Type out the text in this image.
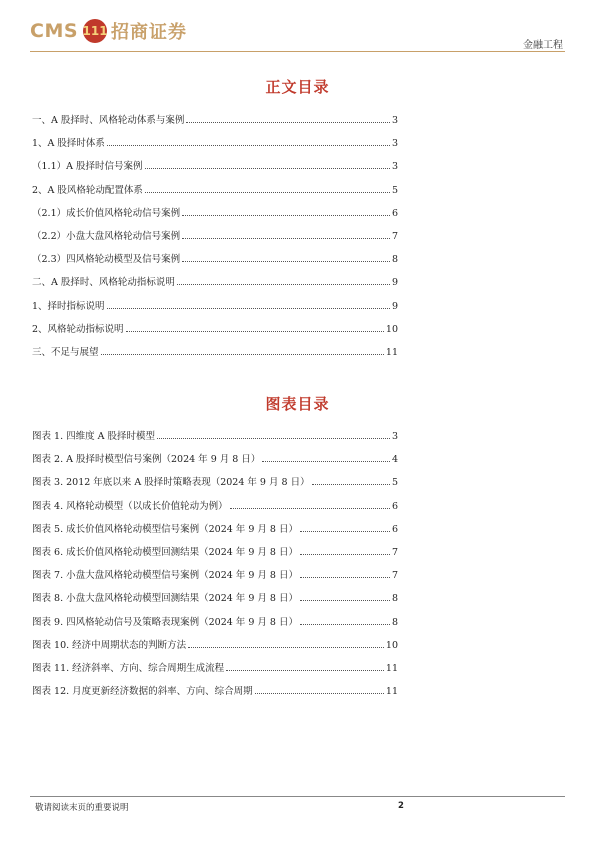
CMS 111 招商证券
金融工程
正文目录
一、A 股择时、风格轮动体系与案例	3
1、A 股择时体系	3
（1.1）A 股择时信号案例	3
2、A 股风格轮动配置体系	5
（2.1）成长价值风格轮动信号案例	6
（2.2）小盘大盘风格轮动信号案例	7
（2.3）四风格轮动模型及信号案例	8
二、A 股择时、风格轮动指标说明	9
1、择时指标说明	9
2、风格轮动指标说明	10
三、不足与展望	11
图表目录
图表 1. 四维度 A 股择时模型	3
图表 2. A 股择时模型信号案例（2024 年 9 月 8 日）	4
图表 3. 2012 年底以来 A 股择时策略表现（2024 年 9 月 8 日）	5
图表 4. 风格轮动模型（以成长价值轮动为例）	6
图表 5. 成长价值风格轮动模型信号案例（2024 年 9 月 8 日）	6
图表 6. 成长价值风格轮动模型回测结果（2024 年 9 月 8 日）	7
图表 7. 小盘大盘风格轮动模型信号案例（2024 年 9 月 8 日）	7
图表 8. 小盘大盘风格轮动模型回测结果（2024 年 9 月 8 日）	8
图表 9. 四风格轮动信号及策略表现案例（2024 年 9 月 8 日）	8
图表 10. 经济中周期状态的判断方法	10
图表 11. 经济斜率、方向、综合周期生成流程	11
图表 12. 月度更新经济数据的斜率、方向、综合周期	11
敬请阅读末页的重要说明	2
